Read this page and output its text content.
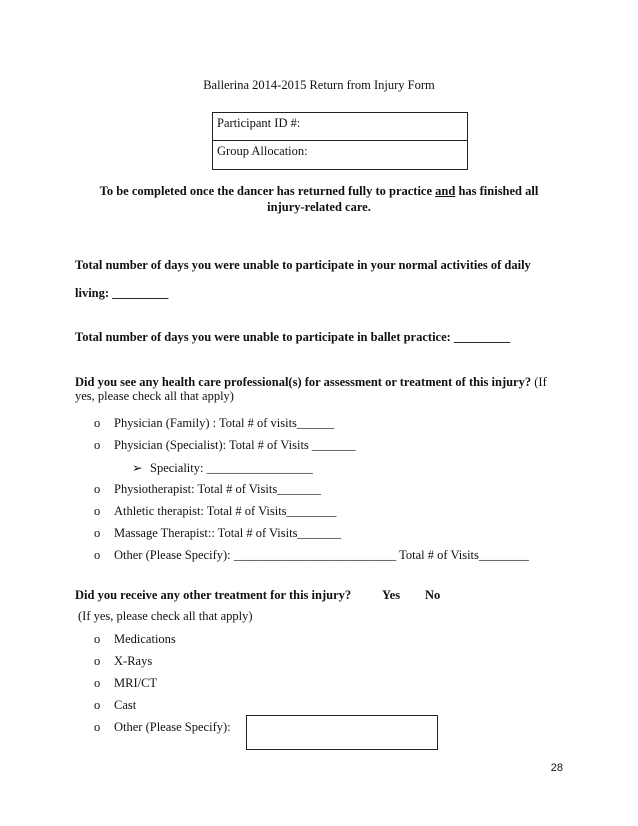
Ballerina 2014-2015 Return from Injury Form
Participant ID #:
Group Allocation:
To be completed once the dancer has returned fully to practice and has finished all
injury-related care.
Total number of days you were unable to participate in your normal activities of daily
living: _________
Total number of days you were unable to participate in ballet practice: _________
Did you see any health care professional(s) for assessment or treatment of this injury? (If
yes, please check all that apply)
o Physician (Family) : Total # of visits______
o Physician (Specialist): Total # of Visits _______
➢ Speciality: _________________
o Physiotherapist: Total # of Visits_______
o Athletic therapist: Total # of Visits________
o Massage Therapist:: Total # of Visits_______
o Other (Please Specify): __________________________ Total # of Visits________
Did you receive any other treatment for this injury? Yes No
(If yes, please check all that apply)
o Medications
o X-Rays
o MRI/CT
o Cast
o Other (Please Specify):
28
